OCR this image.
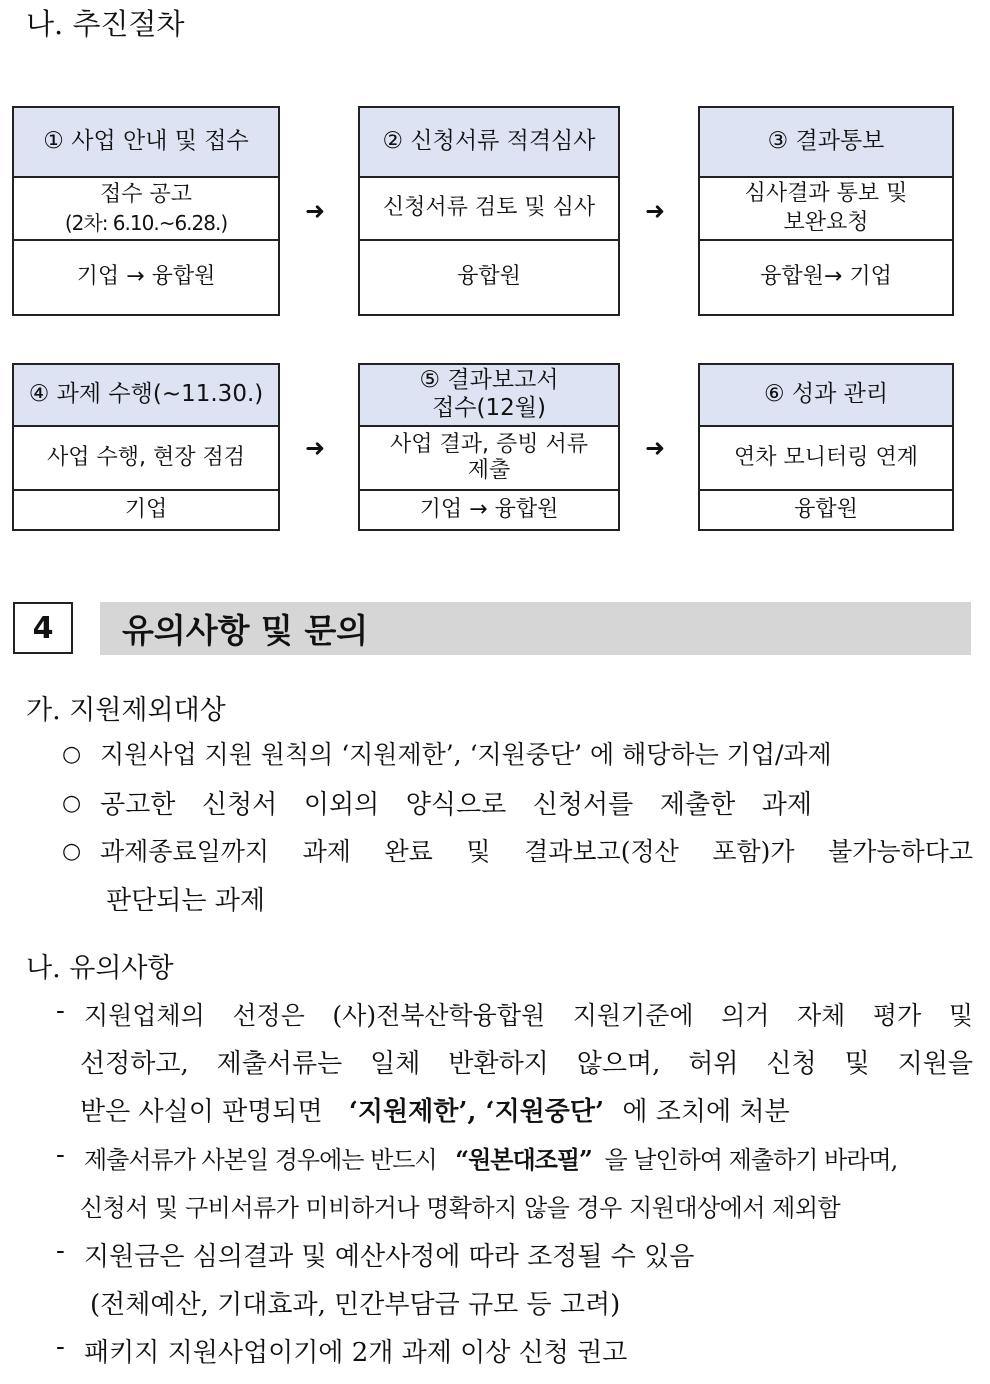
나. 추진절차
① 사업 안내 및 접수
접수 공고
(2차: 6.10.~6.28.)
기업 → 융합원
➜
② 신청서류 적격심사
신청서류 검토 및 심사
융합원
➜
③ 결과통보
심사결과 통보 및
보완요청
융합원→ 기업
④ 과제 수행(~11.30.)
사업 수행, 현장 점검
기업
➜
⑤ 결과보고서
접수(12월)
사업 결과, 증빙 서류
제출
기업 → 융합원
➜
⑥ 성과 관리
연차 모니터링 연계
융합원
4	유의사항 및 문의
가. 지원제외대상
○ 지원사업 지원 원칙의 ‘지원제한’, ‘지원중단’ 에 해당하는 기업/과제
○ 공고한 신청서 이외의 양식으로 신청서를 제출한 과제
○ 과제종료일까지 과제 완료 및 결과보고(정산 포함)가 불가능하다고
판단되는 과제
나. 유의사항
- 지원업체의 선정은 (사)전북산학융합원 지원기준에 의거 자체 평가 및
선정하고, 제출서류는 일체 반환하지 않으며, 허위 신청 및 지원을
받은 사실이 판명되면 ‘지원제한’, ‘지원중단’ 에 조치에 처분
- 제출서류가 사본일 경우에는 반드시 “원본대조필” 을 날인하여 제출하기 바라며,
신청서 및 구비서류가 미비하거나 명확하지 않을 경우 지원대상에서 제외함
- 지원금은 심의결과 및 예산사정에 따라 조정될 수 있음
(전체예산, 기대효과, 민간부담금 규모 등 고려)
- 패키지 지원사업이기에 2개 과제 이상 신청 권고
